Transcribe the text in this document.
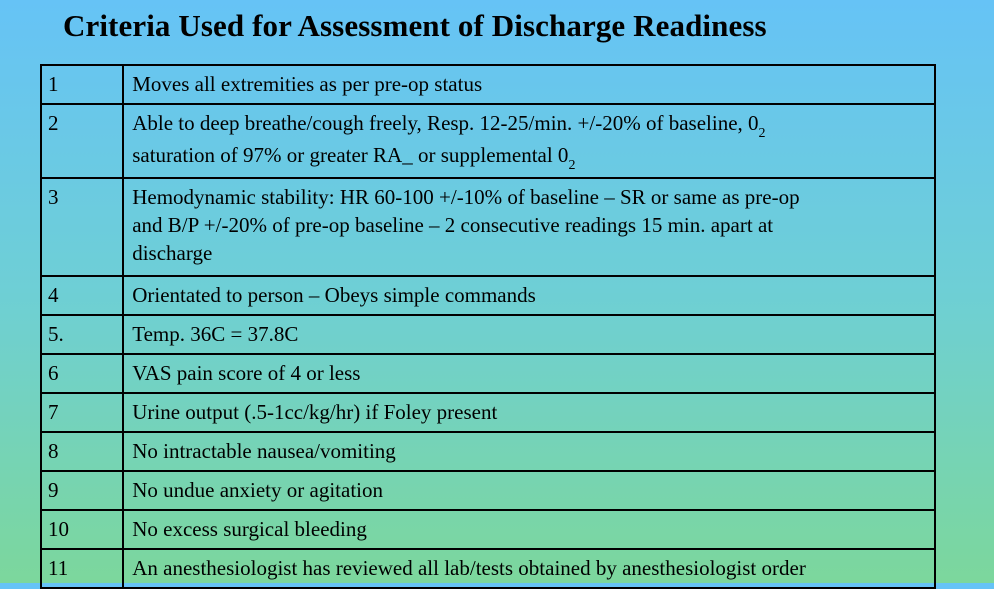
Criteria Used for Assessment of Discharge Readiness
1	Moves all extremities as per pre-op status
2	Able to deep breathe/cough freely, Resp. 12-25/min. +/-20% of baseline, $0_2$
saturation of 97% or greater RA_ or supplemental $0_2$

3	Hemodynamic stability: HR 60-100 +/-10% of baseline – SR or same as pre-op
and B/P +/-20% of pre-op baseline – 2 consecutive readings 15 min. apart at
discharge

4	Orientated to person – Obeys simple commands
5.	Temp. 36C = 37.8C
6	VAS pain score of 4 or less
7	Urine output (.5-1cc/kg/hr) if Foley present
8	No intractable nausea/vomiting
9	No undue anxiety or agitation
10	No excess surgical bleeding
11	An anesthesiologist has reviewed all lab/tests obtained by anesthesiologist order
